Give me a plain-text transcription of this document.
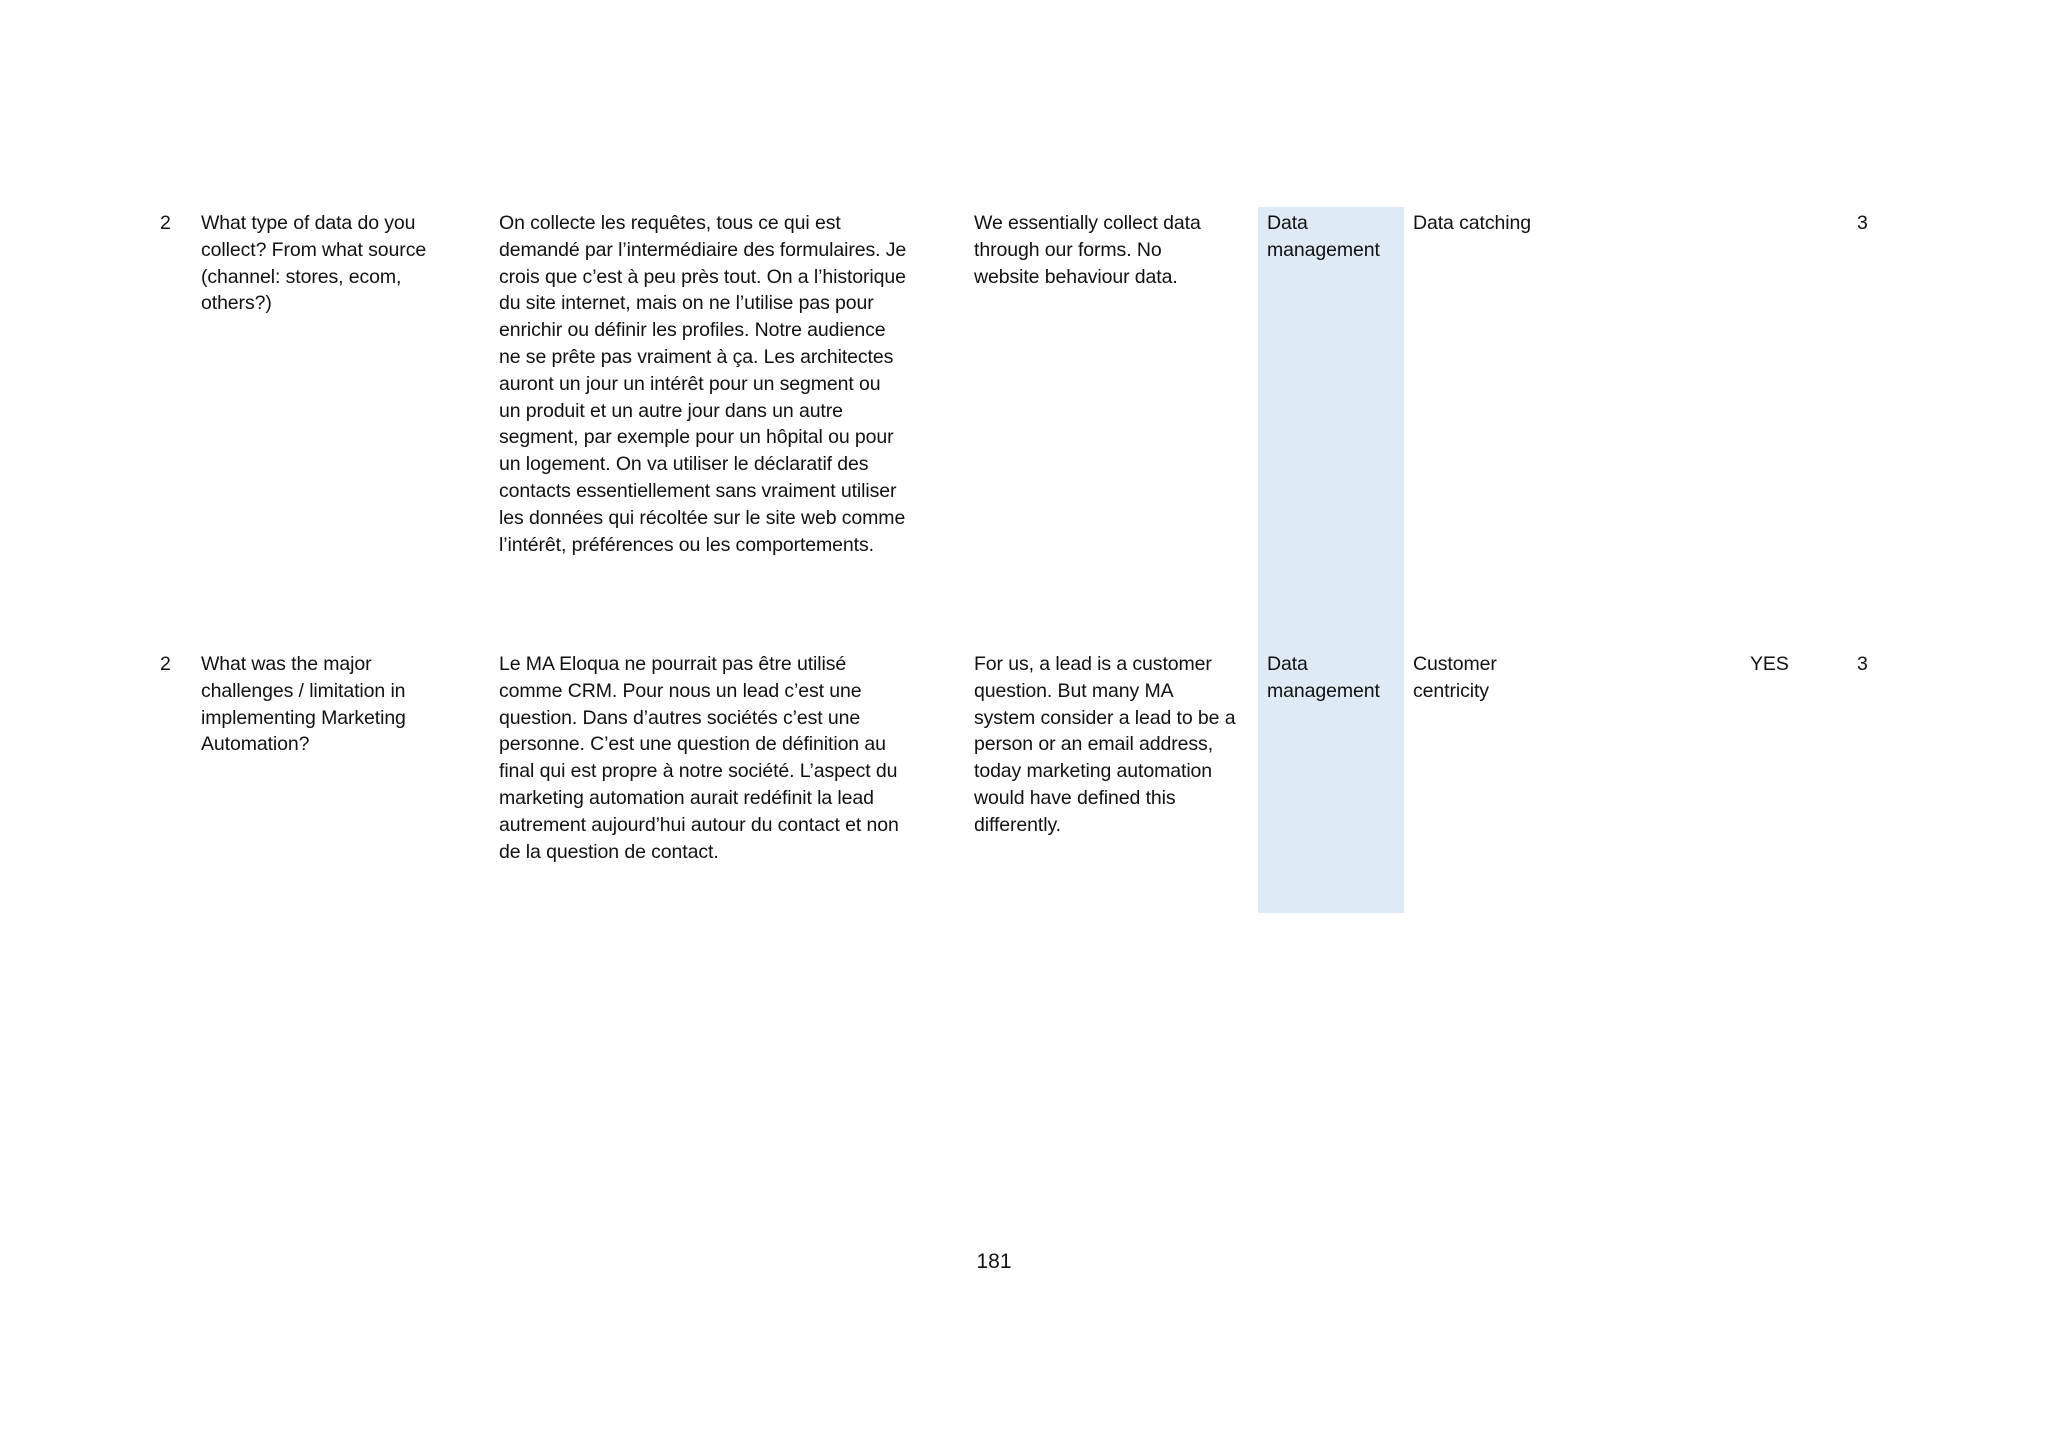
2 What type of data do you
collect? From what source
(channel: stores, ecom,
others?)
On collecte les requêtes, tous ce qui est
demandé par l’intermédiaire des formulaires. Je
crois que c’est à peu près tout. On a l’historique
du site internet, mais on ne l’utilise pas pour
enrichir ou définir les profiles. Notre audience
ne se prête pas vraiment à ça. Les architectes
auront un jour un intérêt pour un segment ou
un produit et un autre jour dans un autre
segment, par exemple pour un hôpital ou pour
un logement. On va utiliser le déclaratif des
contacts essentiellement sans vraiment utiliser
les données qui récoltée sur le site web comme
l’intérêt, préférences ou les comportements.
We essentially collect data
through our forms. No
website behaviour data.
Data
management
Data catching	3
2 What was the major
challenges / limitation in
implementing Marketing
Automation?
Le MA Eloqua ne pourrait pas être utilisé
comme CRM. Pour nous un lead c’est une
question. Dans d’autres sociétés c’est une
personne. C’est une question de définition au
final qui est propre à notre société. L’aspect du
marketing automation aurait redéfinit la lead
autrement aujourd’hui autour du contact et non
de la question de contact.
For us, a lead is a customer
question. But many MA
system consider a lead to be a
person or an email address,
today marketing automation
would have defined this
differently.
Data
management
Customer
centricity
YES	3
181
